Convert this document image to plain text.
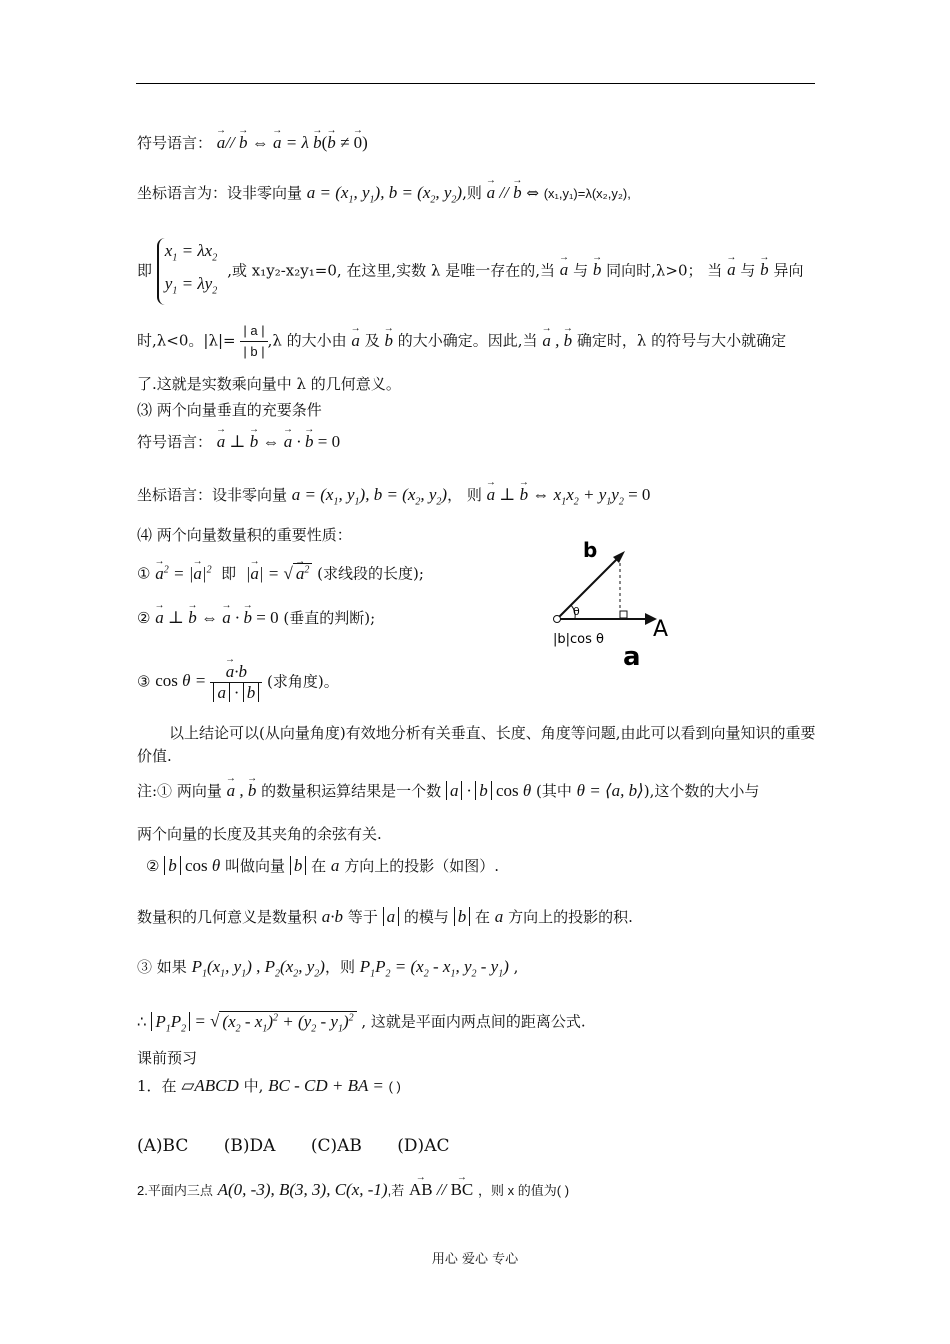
符号语言： → a// → b ⇔ → a = λ → b(→ b ≠ → 0)
坐标语言为：设非零向量 $a = (x_1$, $y_1$), $b = (x_2$, $y_2$),则 → a // → b ⇔ (x₁,y₁)=λ(x₂,y₂),
即 $x_1 = \lambda x_2$
$y_1 = \lambda y_2$,或 x₁y₂-x₂y₁=0, 在这里,实数 λ 是唯一存在的,当 → a 与 → b 同向时,λ>0； 当 → a 与 → b 异向
时,λ<0。$|\lambda|= \frac{| a |}{| b |} ,\lambda$ 的大小由 → a 及 → b 的大小确定。因此,当 → a , → b 确定时，λ 的符号与大小就确定
了.这就是实数乘向量中 λ 的几何意义。
⑶ 两个向量垂直的充要条件
符号语言： → a ⊥ → b ⇔ → a · → b = 0
坐标语言：设非零向量 $a = (x_1$, $y_1$), $b = (x_2$, $y_2$)， 则 → a ⊥ → b ⇔ $x_1x_2 + y_1y_2 = 0$
⑷ 两个向量数量积的重要性质：
① → $a^2$ = |→ $a|^2$ 即 |→ a| = √ → $a^2$ (求线段的长度);
② → a ⊥ → b ⇔ → a · → b = 0 (垂直的判断);
③ cos θ = → $\frac{a\cdot b}{a \cdot b}$ (求角度)。
θ
b
A
a
|b|cos θ
以上结论可以(从向量角度)有效地分析有关垂直、长度、角度等问题,由此可以看到向量知识的重要价值.
注:① 两向量 → a , → b 的数量积运算结果是一个数 a · b cos θ (其中 θ = ⟨a, b⟩),这个数的大小与
两个向量的长度及其夹角的余弦有关.
② b cos θ 叫做向量 b 在 a 方向上的投影（如图）.
数量积的几何意义是数量积 a·b 等于 a 的模与 b 在 a 方向上的投影的积.
③ 如果 $P_1(x_1$, $y_1$) , $P_2(x_2$, $y_2$)，则 $P_1P_2 = (x_2 - x_1$, $y_2 - y_1$) ,
∴ $P_1P_2$ = √ $(x_2 - x_1)^2 + (y_2 - y_1)^2$ , 这就是平面内两点间的距离公式.
课前预习
1．在 ▱ABCD 中, BC - CD + BA = ( )
(A)BC (B)DA (C)AB (D)AC
2.平面内三点 A(0, -3), B(3, 3), C(x, -1),若 → AB // → BC ，则 x 的值为( )
用心 爱心 专心
